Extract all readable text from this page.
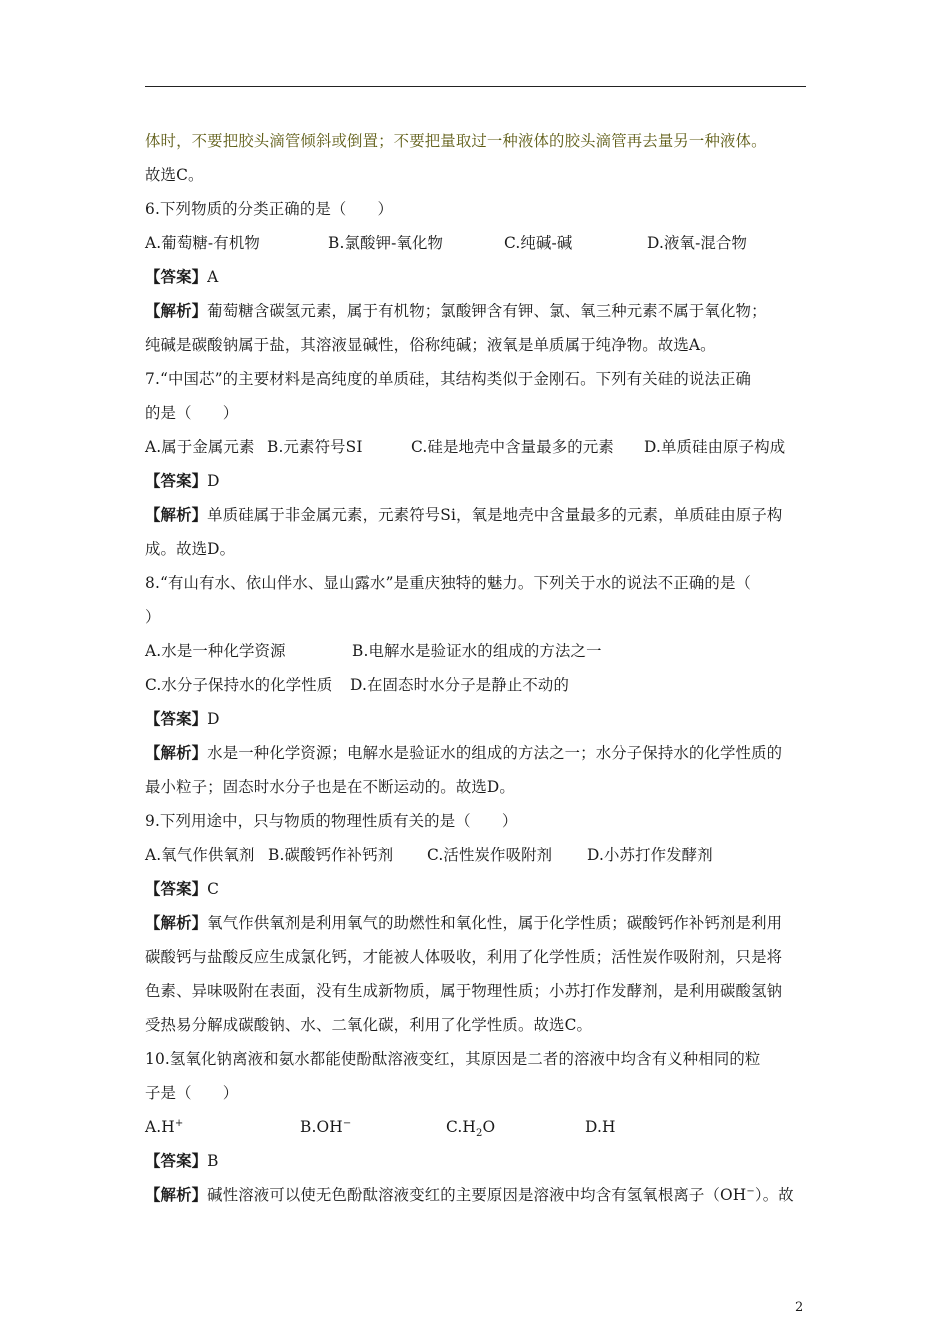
体时，不要把胶头滴管倾斜或倒置；不要把量取过一种液体的胶头滴管再去量另一种液体。
故选C。
6.下列物质的分类正确的是（　　）
A.葡萄糖-有机物	B.氯酸钾-氧化物	C.纯碱-碱	D.液氧-混合物
【答案】A
【解析】葡萄糖含碳氢元素，属于有机物；氯酸钾含有钾、氯、氧三种元素不属于氧化物；
纯碱是碳酸钠属于盐，其溶液显碱性，俗称纯碱；液氧是单质属于纯净物。故选A。
7.“中国芯”的主要材料是高纯度的单质硅，其结构类似于金刚石。下列有关硅的说法正确
的是（　　）
A.属于金属元素 B.元素符号SI	C.硅是地壳中含量最多的元素 D.单质硅由原子构成
【答案】D
【解析】单质硅属于非金属元素，元素符号Si，氧是地壳中含量最多的元素，单质硅由原子构
成。故选D。
8.“有山有水、依山伴水、显山露水”是重庆独特的魅力。下列关于水的说法不正确的是（
）
A.水是一种化学资源	B.电解水是验证水的组成的方法之一
C.水分子保持水的化学性质 D.在固态时水分子是静止不动的
【答案】D
【解析】水是一种化学资源；电解水是验证水的组成的方法之一；水分子保持水的化学性质的
最小粒子；固态时水分子也是在不断运动的。故选D。
9.下列用途中，只与物质的物理性质有关的是（　　）
A.氧气作供氧剂 B.碳酸钙作补钙剂 C.活性炭作吸附剂 D.小苏打作发酵剂
【答案】C
【解析】氧气作供氧剂是利用氧气的助燃性和氧化性，属于化学性质；碳酸钙作补钙剂是利用
碳酸钙与盐酸反应生成氯化钙，才能被人体吸收，利用了化学性质；活性炭作吸附剂，只是将
色素、异味吸附在表面，没有生成新物质，属于物理性质；小苏打作发酵剂，是利用碳酸氢钠
受热易分解成碳酸钠、水、二氧化碳，利用了化学性质。故选C。
10.氢氧化钠离液和氨水都能使酚酞溶液变红，其原因是二者的溶液中均含有义种相同的粒
子是（　　）
A.H+	B.OH−	$C.H_2O$	D.H
【答案】B
【解析】碱性溶液可以使无色酚酞溶液变红的主要原因是溶液中均含有氢氧根离子（OH−）。故
2
